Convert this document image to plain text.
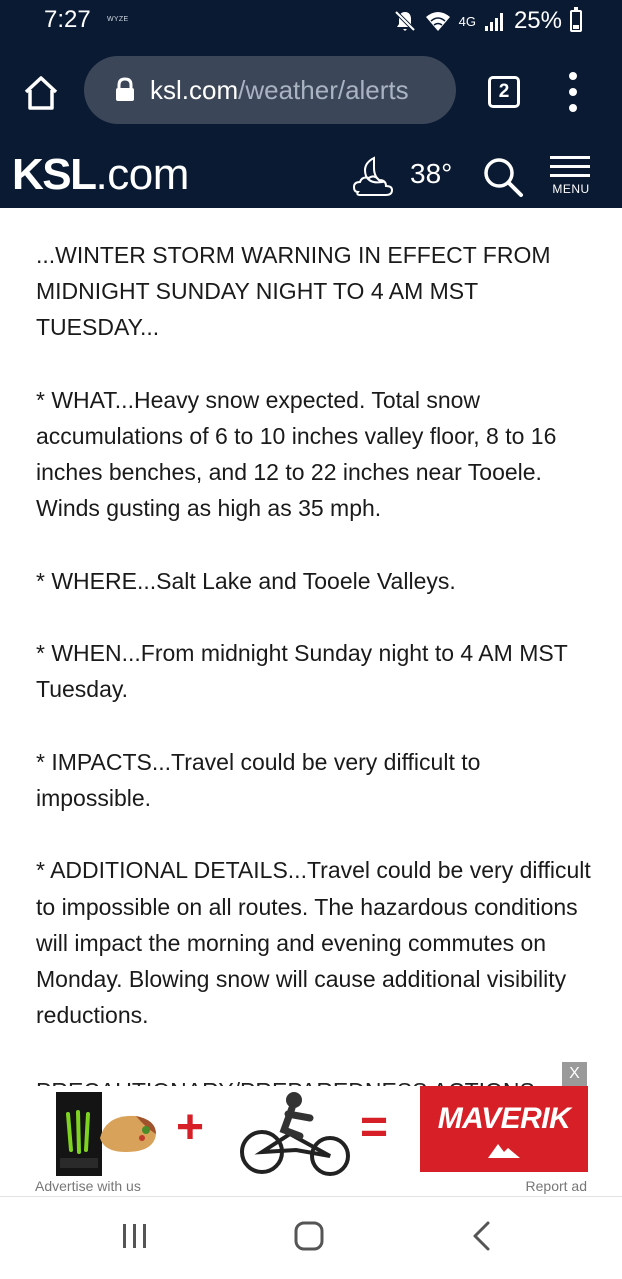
7:27 WYZE	4G 25%
ksl.com/weather/alerts	2
KSL.com	38°	MENU

...WINTER STORM WARNING IN EFFECT FROM MIDNIGHT SUNDAY NIGHT TO 4 AM MST TUESDAY...

* WHAT...Heavy snow expected. Total snow accumulations of 6 to 10 inches valley floor, 8 to 16 inches benches, and 12 to 22 inches near Tooele. Winds gusting as high as 35 mph.

* WHERE...Salt Lake and Tooele Valleys.

* WHEN...From midnight Sunday night to 4 AM MST Tuesday.

* IMPACTS...Travel could be very difficult to impossible.

* ADDITIONAL DETAILS...Travel could be very difficult to impossible on all routes. The hazardous conditions will impact the morning and evening commutes on Monday. Blowing snow will cause additional visibility reductions.

X
+	=	MAVERIK
Advertise with us	Report ad
